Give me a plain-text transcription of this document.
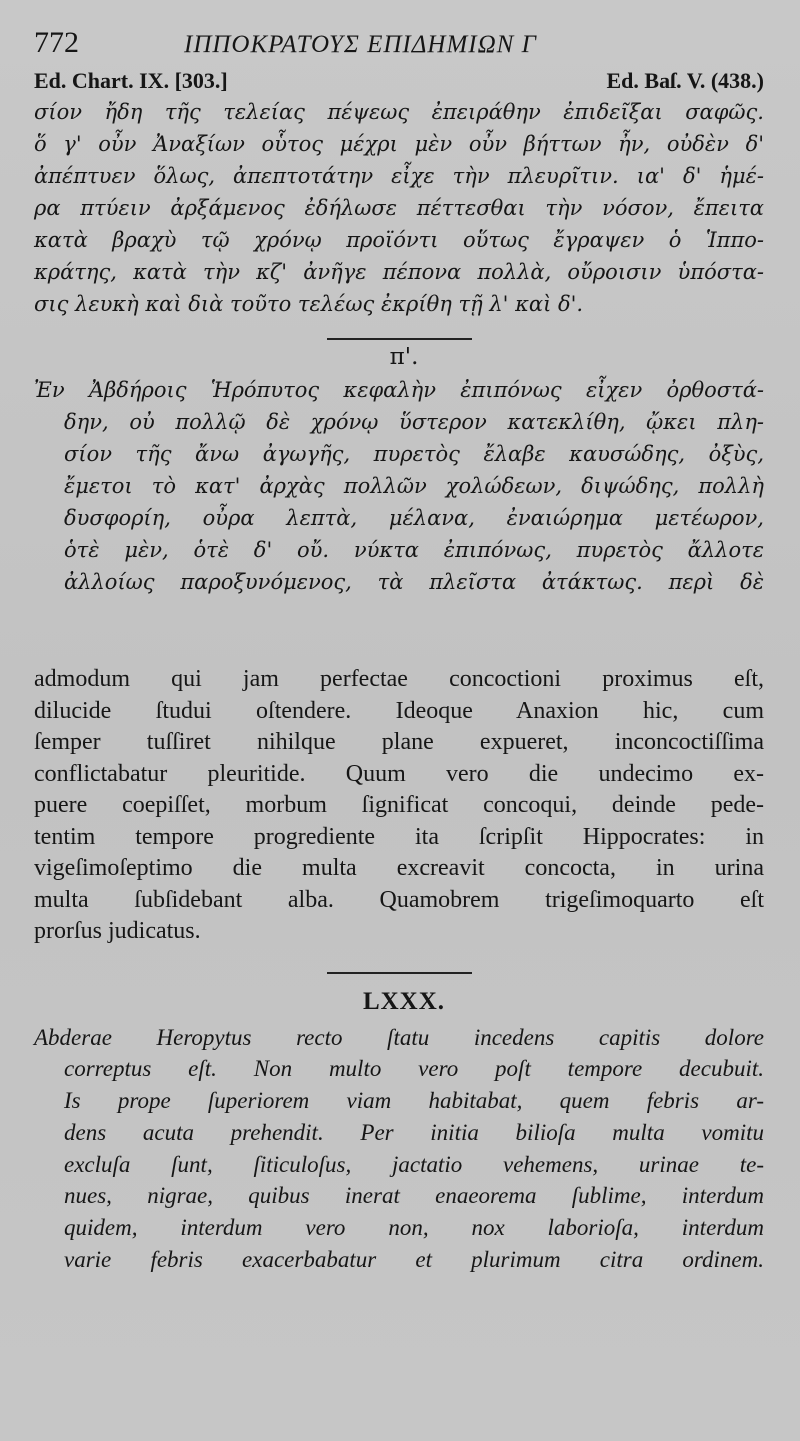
772	ΙΠΠΟΚΡΑΤΟΥΣ ΕΠΙΔΗΜΙΩΝ Γ
Ed. Chart. IX. [303.]	Ed. Baſ. V. (438.)

σίον ἤδη τῆς τελείας πέψεως ἐπειράθην ἐπιδεῖξαι σαφῶς.

ὅ γ' οὖν Ἀναξίων οὗτος μέχρι μὲν οὖν βήττων ἦν, οὐδὲν δ'

ἀπέπτυεν ὅλως, ἀπεπτοτάτην εἶχε τὴν πλευρῖτιν. ια' δ' ἡμέ-

ρα πτύειν ἀρξάμενος ἐδήλωσε πέττεσθαι τὴν νόσον, ἔπειτα

κατὰ βραχὺ τῷ χρόνῳ προϊόντι οὕτως ἔγραψεν ὁ Ἱππο-

κράτης, κατὰ τὴν κζ' ἀνῆγε πέπονα πολλὰ, οὔροισιν ὑπόστα-

σις λευκὴ καὶ διὰ τοῦτο τελέως ἐκρίθη τῇ λ' καὶ δ'.

π'.

Ἐν Ἀβδήροις Ἡρόπυτος κεφαλὴν ἐπιπόνως εἶχεν ὀρθοστά-

δην, οὐ πολλῷ δὲ χρόνῳ ὕστερον κατεκλίθη, ᾤκει πλη-

σίον τῆς ἄνω ἀγωγῆς, πυρετὸς ἔλαβε καυσώδης, ὀξὺς,

ἔμετοι τὸ κατ' ἀρχὰς πολλῶν χολώδεων, διψώδης, πολλὴ

δυσφορίη, οὖρα λεπτὰ, μέλανα, ἐναιώρημα μετέωρον,

ὁτὲ μὲν, ὁτὲ δ' οὔ. νύκτα ἐπιπόνως, πυρετὸς ἄλλοτε

ἀλλοίως παροξυνόμενος, τὰ πλεῖστα ἀτάκτως. περὶ δὲ

admodum qui jam perfectae concoctioni proximus eſt,

dilucide ſtudui oſtendere. Ideoque Anaxion hic, cum

ſemper tuſſiret nihilque plane expueret, inconcoctiſſima

conflictabatur pleuritide. Quum vero die undecimo ex-

puere coepiſſet, morbum ſignificat concoqui, deinde pede-

tentim tempore progrediente ita ſcripſit Hippocrates: in

vigeſimoſeptimo die multa excreavit concocta, in urina

multa ſubſidebant alba. Quamobrem trigeſimoquarto eſt

prorſus judicatus.

LXXX.

Abderae Heropytus recto ſtatu incedens capitis dolore

correptus eſt. Non multo vero poſt tempore decubuit.

Is prope ſuperiorem viam habitabat, quem febris ar-

dens acuta prehendit. Per initia bilioſa multa vomitu

excluſa ſunt, ſiticuloſus, jactatio vehemens, urinae te-

nues, nigrae, quibus inerat enaeorema ſublime, interdum

quidem, interdum vero non, nox laborioſa, interdum

varie febris exacerbabatur et plurimum citra ordinem.
